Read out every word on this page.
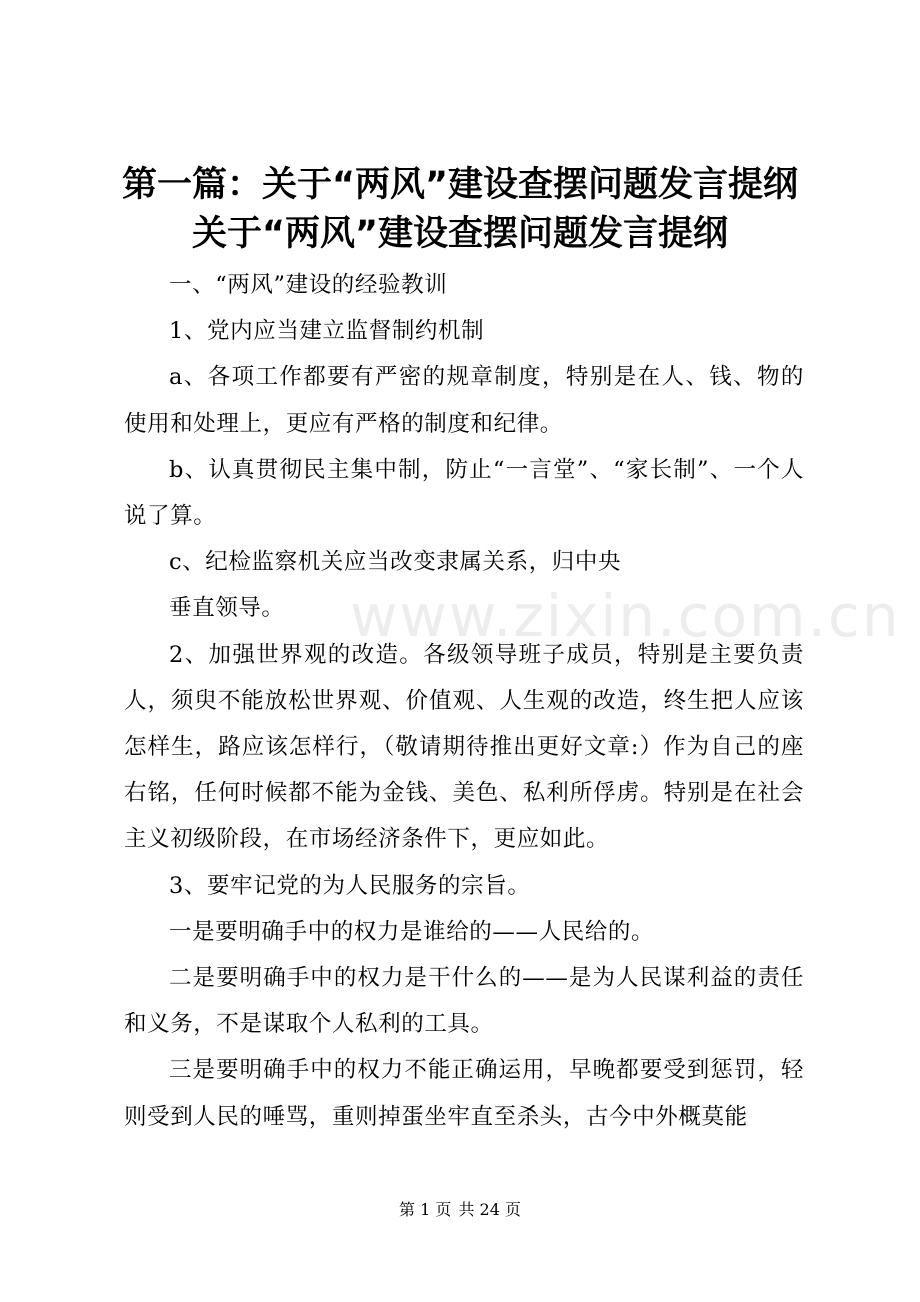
第一篇：关于“两风”建设查摆问题发言提纲
关于“两风”建设查摆问题发言提纲
www.zixin.com.cn

一、“两风”建设的经验教训

1、党内应当建立监督制约机制

a、各项工作都要有严密的规章制度，特别是在人、钱、物的使用和处理上，更应有严格的制度和纪律。

b、认真贯彻民主集中制，防止“一言堂”、“家长制”、一个人说了算。

c、纪检监察机关应当改变隶属关系，归中央

垂直领导。

2、加强世界观的改造。各级领导班子成员，特别是主要负责人，须臾不能放松世界观、价值观、人生观的改造，终生把人应该怎样生，路应该怎样行，（敬请期待推出更好文章:）作为自己的座右铭，任何时候都不能为金钱、美色、私利所俘虏。特别是在社会主义初级阶段，在市场经济条件下，更应如此。

3、要牢记党的为人民服务的宗旨。

一是要明确手中的权力是谁给的——人民给的。

二是要明确手中的权力是干什么的——是为人民谋利益的责任和义务，不是谋取个人私利的工具。

三是要明确手中的权力不能正确运用，早晚都要受到惩罚，轻则受到人民的唾骂，重则掉蛋坐牢直至杀头，古今中外概莫能

第 1 页 共 24 页
